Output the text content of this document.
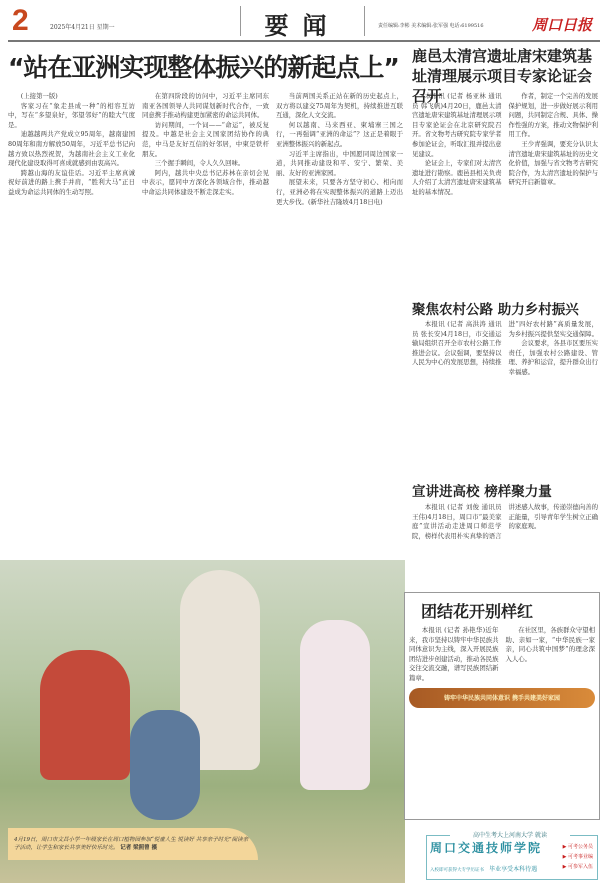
2	2025年4月21日 星期一	要闻	责任编辑:李彬 美术编辑:张军强 电话:6199516	周口日报
“站在亚洲实现整体振兴的新起点上”

(上接第一版)

客家习在“象走县成一种”的相容互访中，写在“多望泉好，邻望邻好”的睦大气度是。

迪越越两共产党成立95周年，越南建国80周年和南方解放50周年，习近平总书记向越方致以热烈祝贺，为越南社会主义工业化现代化建设取得可喜成就感到由衷高兴。

跨越山海的友谊佳话。习近平主席真诚祝好前进的路上携手并肩，“胜利大马”正日益成为命运共同体的生动写照。

在第四阶段的访问中，习近平主席同东南亚各国领导人共同谋划新时代合作，一致同意携手推动构建更加紧密的命运共同体。

访问期间，一个词——“命运”，被反复提及。中越是社会主义国家团结协作的典范，中马是友好互信的好邻居，中柬是铁杆朋友。

三个握手瞬间，令人久久回味。

阿内，越共中央总书记苏林在亲切会见中表示，愿同中方深化各领域合作，推动越中命运共同体建设不断走深走实。

当前两国关系正站在新的历史起点上，双方将以建交75周年为契机，持续推进互联互通，深化人文交流。

何以越南、马来西亚、柬埔寨三国之行，一再强调“亚洲的命运”？这正是着眼于亚洲整体振兴的新起点。

习近平主席指出，中国愿同周边国家一道，共同推动建设和平、安宁、繁荣、美丽、友好的亚洲家园。

展望未来，只要各方坚守初心、相向而行，亚洲必将在实现整体振兴的道路上迈出更大步伐。(新华社吉隆坡4月18日电)

4月19日，周口市文昌小学一年级家长在周口植物园参加“悦童人生 悦读好 共享亲子时光”阅读亲子活动，让学生和家长共享美好快乐时光。 记者 梁照曾 摄
鹿邑太清宫遗址唐宋建筑基址清理展示项目专家论证会召开

本报讯 (记者 杨亚林 通讯员 韩飞帆)4月20日，鹿邑太清宫遗址唐宋建筑基址清理展示项目专家论证会在北京研究院召开。省文物考古研究院专家学者参加论证会，听取汇报并提出意见建议。

论证会上，专家们对太清宫遗址进行勘察。鹿邑县相关负责人介绍了太清宫遗址唐宋建筑基址的基本情况。

作者，制定一个完善的发展保护规划，进一步做好展示利用问题，共同制定合规、具体、操作性强的方案，推动文物保护利用工作。

王少青强调，要充分认识太清宫遗址唐宋建筑基址的历史文化价值，加强与省文物考古研究院合作，为太清宫遗址的保护与研究开启新篇章。

聚焦农村公路 助力乡村振兴

本报讯 (记者 高洪涛 通讯员 张长安)4月18日，市交通运输局组织召开全市农村公路工作推进会议。会议强调，要坚持以人民为中心的发展思想，持续推进“四好农村路”高质量发展，为乡村振兴提供坚实交通保障。

会议要求，各县市区要压实责任，加强农村公路建设、管理、养护和运营，提升群众出行幸福感。

宣讲进高校 榜样聚力量

本报讯 (记者 刘俊 通讯员 王伟)4月18日，周口市“最美家庭”宣讲活动走进周口师范学院，榜样代表用朴实真挚的语言讲述感人故事，传递崇德向善的正能量，引导青年学生树立正确的家庭观。

团结花开别样红

本报讯 (记者 孙艳华)近年来，我市坚持以铸牢中华民族共同体意识为主线，深入开展民族团结进步创建活动，推动各民族交往交流交融，谱写民族团结新篇章。

在社区里，各族群众守望相助、亲如一家，“中华民族一家亲，同心共筑中国梦”的理念深入人心。

铸牢中华民族共同体意识 携手共建美好家园
高中生考大上河南大学 就读
周口交通技师学院
入校即可获得大专学历证书 毕业享受本科待遇
▶ 可考公务员
▶ 可考事业编
▶ 可参军入伍
